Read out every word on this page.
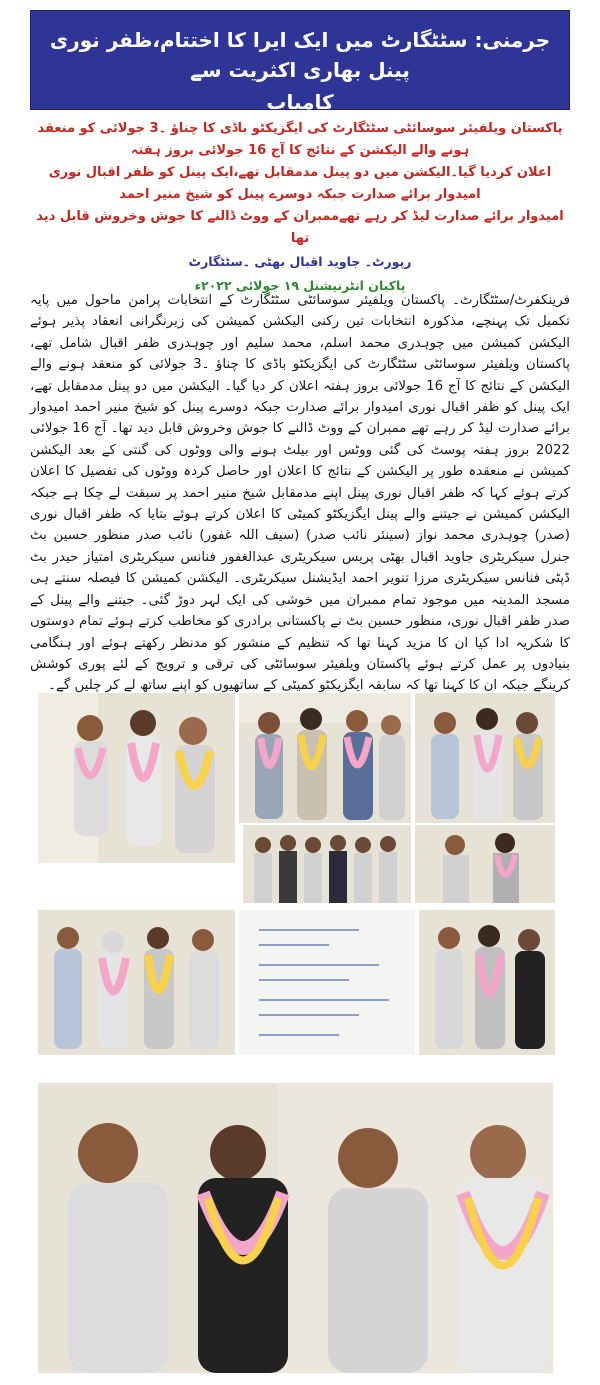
جرمنی: سٹٹگارٹ میں ایک ایرا کا اختتام،ظفر نوری پینل بھاری اکثریت سے
کامیاب
پاکستان ویلفیئر سوسائٹی سٹٹگارٹ کی ایگزیکٹو باڈی کا چناؤ ۔3 جولائی کو منعقد ہونے والے الیکشن کے نتائج کا آج 16 جولائی بروز ہفتہ
اعلان کردیا گیا۔الیکشن میں دو پینل مدمقابل تھے،ایک پینل کو ظفر اقبال نوری امیدوار برائے صدارت جبکہ دوسرے پینل کو شیخ منیر احمد
امیدوار برائے صدارت لیڈ کر رہے تھےممبران کے ووٹ ڈالنے کا جوش وخروش قابل دید تھا
رپورٹ۔ جاوید اقبال بھٹی ۔سٹٹگارٹ
پاکبان انٹرنیشنل ۱۹ جولائی ۲۰۲۲ء
فرینکفرٹ/سٹٹگارٹ۔ پاکستان ویلفیئر سوسائٹی سٹٹگارٹ کے انتخابات پرامن ماحول میں پایہ تکمیل تک پہنچے، مذکورہ انتخابات تین رکنی الیکشن کمیشن کی زیرنگرانی انعقاد پذیر ہوئے الیکشن کمیشن میں چوہدری محمد اسلم، محمد سلیم اور چوہدری ظفر اقبال شامل تھے، پاکستان ویلفیئر سوسائٹی سٹٹگارٹ کی ایگزیکٹو باڈی کا چناؤ ۔3 جولائی کو منعقد ہونے والے الیکشن کے نتائج کا آج 16 جولائی بروز ہفتہ اعلان کر دیا گیا۔ الیکشن میں دو پینل مدمقابل تھے، ایک پینل کو ظفر اقبال نوری امیدوار برائے صدارت جبکہ دوسرے پینل کو شیخ منیر احمد امیدوار برائے صدارت لیڈ کر رہے تھے ممبران کے ووٹ ڈالنے کا جوش وخروش قابل دید تھا۔ آج 16 جولائی 2022 بروز ہفتہ پوسٹ کی گئی ووٹس اور بیلٹ ہونے والی ووٹوں کی گنتی کے بعد الیکشن کمیشن نے منعقدہ طور پر الیکشن کے نتائج کا اعلان اور حاصل کردہ ووٹوں کی تفصیل کا اعلان کرتے ہوئے کہا کہ ظفر اقبال نوری پینل اپنے مدمقابل شیخ منیر احمد پر سبقت لے چکا ہے جبکہ الیکشن کمیشن نے جیتنے والے پینل ایگزیکٹو کمیٹی کا اعلان کرتے ہوئے بتایا کہ ظفر اقبال نوری (صدر) چوہدری محمد نواز (سینئر نائب صدر) (سیف اللہ غفور) نائب صدر منظور حسین بٹ جنرل سیکریٹری جاوید اقبال بھٹی پریس سیکریٹری عبدالغفور فنانس سیکریٹری امتیاز حیدر بٹ ڈپٹی فنانس سیکریٹری مرزا تنویر احمد ایڈیشنل سیکریٹری۔ الیکشن کمیشن کا فیصلہ سنتے ہی مسجد المدینہ میں موجود تمام ممبران میں خوشی کی ایک لہر دوڑ گئی۔ جیتنے والے پینل کے صدر ظفر اقبال نوری، منظور حسین بٹ نے پاکستانی برادری کو مخاطب کرتے ہوئے تمام دوستوں کا شکریہ ادا کیا ان کا مزید کہنا تھا کہ تنظیم کے منشور کو مدنظر رکھتے ہوئے اور ہنگامی بنیادوں پر عمل کرتے ہوئے پاکستان ویلفیئر سوسائٹی کی ترقی و ترویج کے لئے پوری کوشش کرینگے جبکہ ان کا کہنا تھا کہ سابقہ ایگزیکٹو کمیٹی کے ساتھیوں کو اپنے ساتھ لے کر چلیں گے۔
